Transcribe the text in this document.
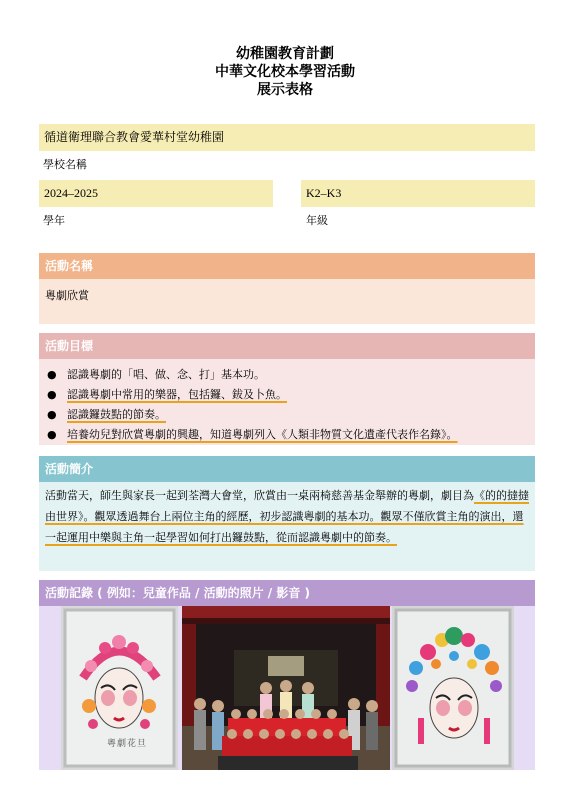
幼稚園教育計劃
中華文化校本學習活動
展示表格
循道衛理聯合教會愛華村堂幼稚園
學校名稱
2024–2025
學年
K2–K3
年級
活動名稱
粵劇欣賞
活動目標
● 認識粵劇的「唱、做、念、打」基本功。
● 認識粵劇中常用的樂器，包括鑼、鈸及卜魚。
● 認識鑼鼓點的節奏。
● 培養幼兒對欣賞粵劇的興趣，知道粵劇列入《人類非物質文化遺產代表作名錄》。
活動簡介
活動當天，師生與家長一起到荃灣大會堂，欣賞由一桌兩椅慈善基金舉辦的粵劇，劇目為《的的撻撻由世界》。觀眾透過舞台上兩位主角的經歷，初步認識粵劇的基本功。觀眾不僅欣賞主角的演出，還一起運用中樂與主角一起學習如何打出鑼鼓點，從而認識粵劇中的節奏。
活動記錄 ( 例如：兒童作品 / 活動的照片 / 影音 )
粵劇花旦
